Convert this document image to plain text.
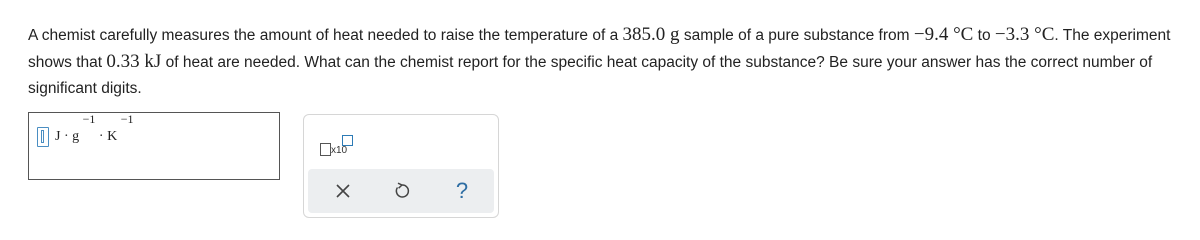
A chemist carefully measures the amount of heat needed to raise the temperature of a 385.0 g sample of a pure substance from −9.4 °C to −3.3 °C. The experiment shows that 0.33 kJ of heat are needed. What can the chemist report for the specific heat capacity of the substance? Be sure your answer has the correct number of significant digits.
J · g −1 · K −1
x10
?
